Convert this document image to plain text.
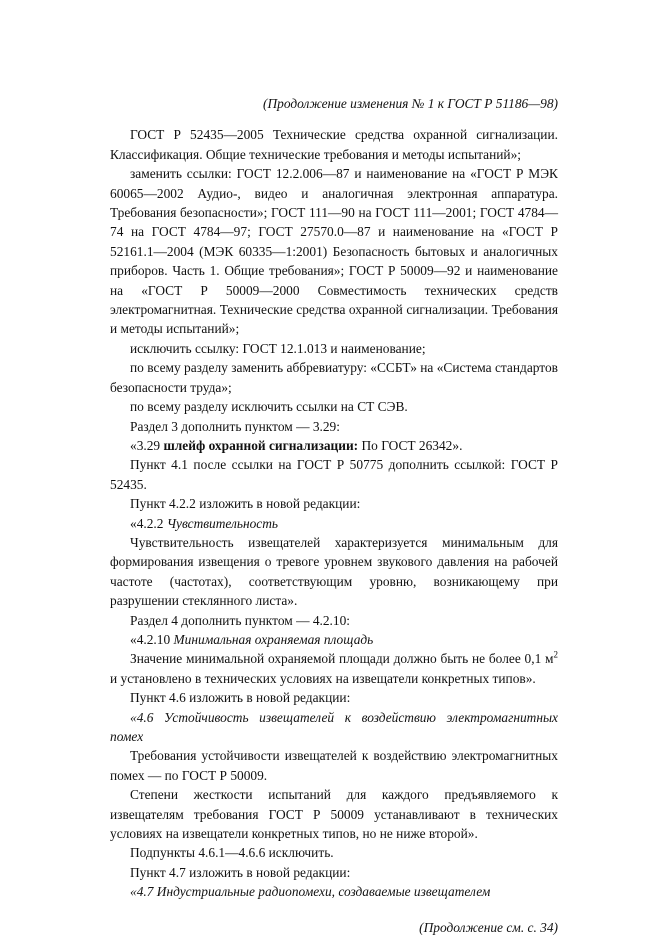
(Продолжение изменения № 1 к ГОСТ Р 51186—98)

ГОСТ Р 52435—2005 Технические средства охранной сигнализации. Классификация. Общие технические требования и методы испытаний»;

заменить ссылки: ГОСТ 12.2.006—87 и наименование на «ГОСТ Р МЭК 60065—2002 Аудио-, видео и аналогичная электронная аппаратура. Требования безопасности»; ГОСТ 111—90 на ГОСТ 111—2001; ГОСТ 4784—74 на ГОСТ 4784—97; ГОСТ 27570.0—87 и наименование на «ГОСТ Р 52161.1—2004 (МЭК 60335—1:2001) Безопасность бытовых и аналогичных приборов. Часть 1. Общие требования»; ГОСТ Р 50009—92 и наименование на «ГОСТ Р 50009—2000 Совместимость технических средств электромагнитная. Технические средства охранной сигнализации. Требования и методы испытаний»;

исключить ссылку: ГОСТ 12.1.013 и наименование;

по всему разделу заменить аббревиатуру: «ССБТ» на «Система стандартов безопасности труда»;

по всему разделу исключить ссылки на СТ СЭВ.

Раздел 3 дополнить пунктом — 3.29:

«3.29 шлейф охранной сигнализации: По ГОСТ 26342».

Пункт 4.1 после ссылки на ГОСТ Р 50775 дополнить ссылкой: ГОСТ Р 52435.

Пункт 4.2.2 изложить в новой редакции:

«4.2.2 Чувствительность

Чувствительность извещателей характеризуется минимальным для формирования извещения о тревоге уровнем звукового давления на рабочей частоте (частотах), соответствующим уровню, возникающему при разрушении стеклянного листа».

Раздел 4 дополнить пунктом — 4.2.10:

«4.2.10 Минимальная охраняемая площадь

Значение минимальной охраняемой площади должно быть не более 0,1 $м^2$ и установлено в технических условиях на извещатели конкретных типов».

Пункт 4.6 изложить в новой редакции:

«4.6 Устойчивость извещателей к воздействию электромагнитных помех

Требования устойчивости извещателей к воздействию электромагнитных помех — по ГОСТ Р 50009.

Степени жесткости испытаний для каждого предъявляемого к извещателям требования ГОСТ Р 50009 устанавливают в технических условиях на извещатели конкретных типов, но не ниже второй».

Подпункты 4.6.1—4.6.6 исключить.

Пункт 4.7 изложить в новой редакции:

«4.7 Индустриальные радиопомехи, создаваемые извещателем

(Продолжение см. с. 34)
